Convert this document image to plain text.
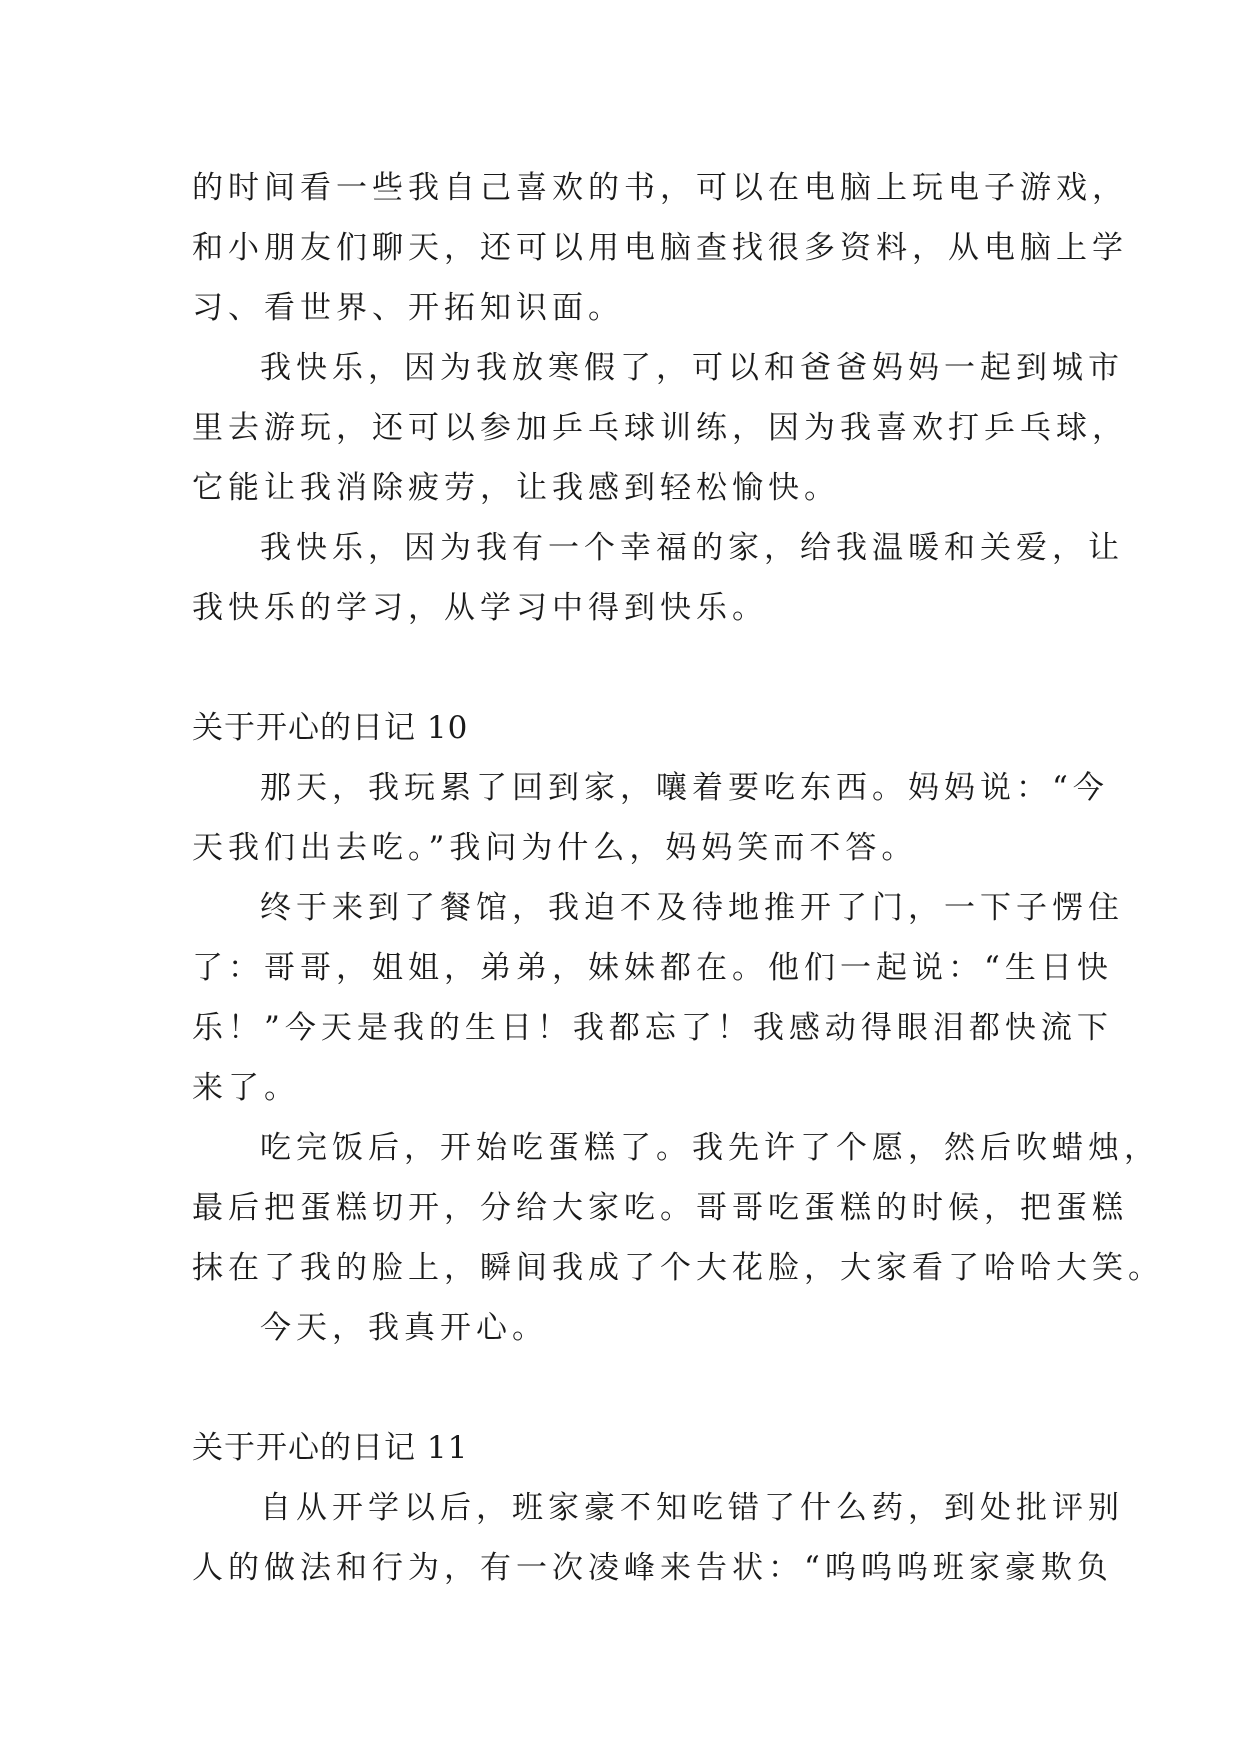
的时间看一些我自己喜欢的书，可以在电脑上玩电子游戏，
和小朋友们聊天，还可以用电脑查找很多资料，从电脑上学
习、看世界、开拓知识面。
我快乐，因为我放寒假了，可以和爸爸妈妈一起到城市
里去游玩，还可以参加乒乓球训练，因为我喜欢打乒乓球，
它能让我消除疲劳，让我感到轻松愉快。
我快乐，因为我有一个幸福的家，给我温暖和关爱，让
我快乐的学习，从学习中得到快乐。
关于开心的日记 10
那天，我玩累了回到家，嚷着要吃东西。妈妈说：“今
天我们出去吃。”我问为什么，妈妈笑而不答。
终于来到了餐馆，我迫不及待地推开了门，一下子愣住
了：哥哥，姐姐，弟弟，妹妹都在。他们一起说：“生日快
乐！”今天是我的生日！我都忘了！我感动得眼泪都快流下
来了。
吃完饭后，开始吃蛋糕了。我先许了个愿，然后吹蜡烛，
最后把蛋糕切开，分给大家吃。哥哥吃蛋糕的时候，把蛋糕
抹在了我的脸上，瞬间我成了个大花脸，大家看了哈哈大笑。
今天，我真开心。
关于开心的日记 11
自从开学以后，班家豪不知吃错了什么药，到处批评别
人的做法和行为，有一次凌峰来告状：“呜呜呜班家豪欺负
